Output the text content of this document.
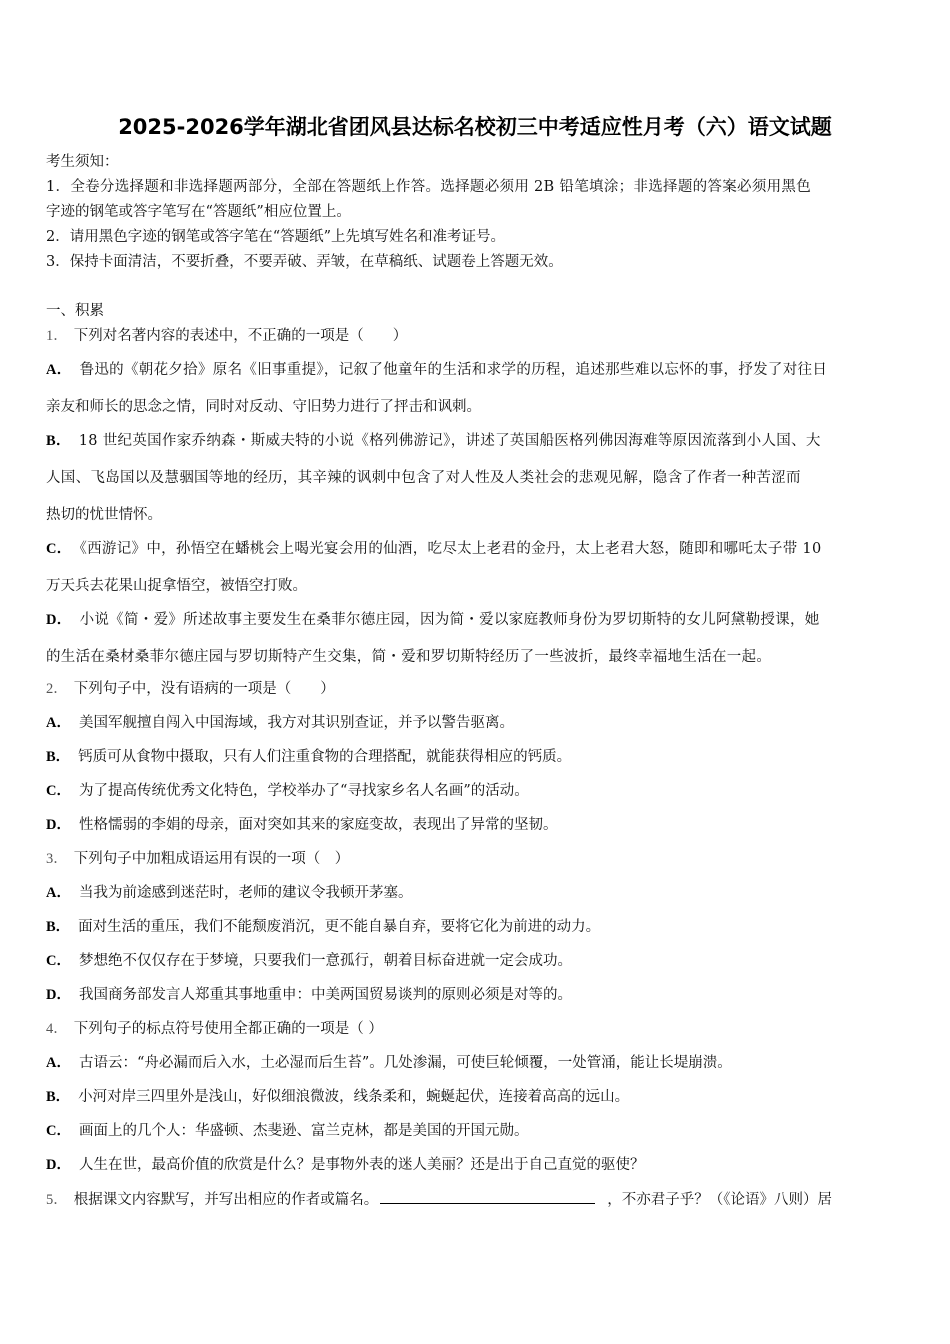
2025-2026学年湖北省团风县达标名校初三中考适应性月考（六）语文试题
考生须知：
1．全卷分选择题和非选择题两部分，全部在答题纸上作答。选择题必须用 2B 铅笔填涂；非选择题的答案必须用黑色
字迹的钢笔或答字笔写在“答题纸”相应位置上。
2．请用黑色字迹的钢笔或答字笔在“答题纸”上先填写姓名和准考证号。
3．保持卡面清洁，不要折叠，不要弄破、弄皱，在草稿纸、试题卷上答题无效。
一、积累
1． 下列对名著内容的表述中，不正确的一项是（　　）
A． 鲁迅的《朝花夕拾》原名《旧事重提》，记叙了他童年的生活和求学的历程，追述那些难以忘怀的事，抒发了对往日
亲友和师长的思念之情，同时对反动、守旧势力进行了抨击和讽刺。
B． 18 世纪英国作家乔纳森・斯威夫特的小说《格列佛游记》，讲述了英国船医格列佛因海难等原因流落到小人国、大
人国、飞岛国以及慧骃国等地的经历，其辛辣的讽刺中包含了对人性及人类社会的悲观见解，隐含了作者一种苦涩而
热切的忧世情怀。
C． 《西游记》中，孙悟空在蟠桃会上喝光宴会用的仙酒，吃尽太上老君的金丹，太上老君大怒，随即和哪吒太子带 10
万天兵去花果山捉拿悟空，被悟空打败。
D． 小说《简・爱》所述故事主要发生在桑菲尔德庄园，因为简・爱以家庭教师身份为罗切斯特的女儿阿黛勒授课，她
的生活在桑材桑菲尔德庄园与罗切斯特产生交集，简・爱和罗切斯特经历了一些波折，最终幸福地生活在一起。
2． 下列句子中，没有语病的一项是（　　）
A． 美国军舰擅自闯入中国海域，我方对其识别查证，并予以警告驱离。
B． 钙质可从食物中摄取，只有人们注重食物的合理搭配，就能获得相应的钙质。
C． 为了提高传统优秀文化特色，学校举办了“寻找家乡名人名画”的活动。
D． 性格懦弱的李娟的母亲，面对突如其来的家庭变故，表现出了异常的坚韧。
3． 下列句子中加粗成语运用有误的一项（　）
A． 当我为前途感到迷茫时，老师的建议令我顿开茅塞。
B． 面对生活的重压，我们不能颓废消沉，更不能自暴自弃，要将它化为前进的动力。
C． 梦想绝不仅仅存在于梦境，只要我们一意孤行，朝着目标奋进就一定会成功。
D． 我国商务部发言人郑重其事地重申：中美两国贸易谈判的原则必须是对等的。
4． 下列句子的标点符号使用全都正确的一项是（ ）
A． 古语云：“舟必漏而后入水，土必湿而后生苔”。几处渗漏，可使巨轮倾覆，一处管涌，能让长堤崩溃。
B． 小河对岸三四里外是浅山，好似细浪微波，线条柔和，蜿蜒起伏，连接着高高的远山。
C． 画面上的几个人：华盛顿、杰斐逊、富兰克林，都是美国的开国元勋。
D． 人生在世，最高价值的欣赏是什么？是事物外表的迷人美丽？还是出于自己直觉的驱使？
5． 根据课文内容默写，并写出相应的作者或篇名。	，不亦君子乎？（《论语》八则）居
